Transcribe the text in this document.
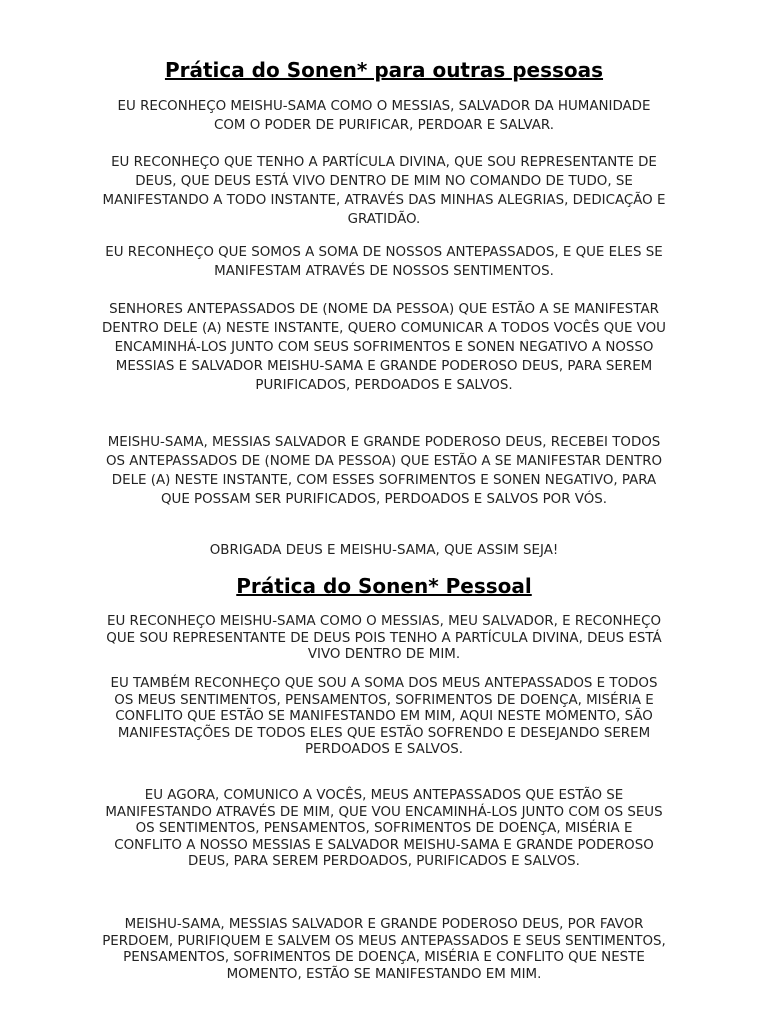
Prática do Sonen* para outras pessoas

EU RECONHEÇO MEISHU-SAMA COMO O MESSIAS, SALVADOR DA HUMANIDADE COM O PODER DE PURIFICAR, PERDOAR E SALVAR.

EU RECONHEÇO QUE TENHO A PARTÍCULA DIVINA, QUE SOU REPRESENTANTE DE DEUS, QUE DEUS ESTÁ VIVO DENTRO DE MIM NO COMANDO DE TUDO, SE MANIFESTANDO A TODO INSTANTE, ATRAVÉS DAS MINHAS ALEGRIAS, DEDICAÇÃO E GRATIDÃO.

EU RECONHEÇO QUE SOMOS A SOMA DE NOSSOS ANTEPASSADOS, E QUE ELES SE MANIFESTAM ATRAVÉS DE NOSSOS SENTIMENTOS.

SENHORES ANTEPASSADOS DE (NOME DA PESSOA) QUE ESTÃO A SE MANIFESTAR DENTRO DELE (A) NESTE INSTANTE, QUERO COMUNICAR A TODOS VOCÊS QUE VOU ENCAMINHÁ-LOS JUNTO COM SEUS SOFRIMENTOS E SONEN NEGATIVO A NOSSO MESSIAS E SALVADOR MEISHU-SAMA E GRANDE PODEROSO DEUS, PARA SEREM PURIFICADOS, PERDOADOS E SALVOS.

MEISHU-SAMA, MESSIAS SALVADOR E GRANDE PODEROSO DEUS, RECEBEI TODOS OS ANTEPASSADOS DE (NOME DA PESSOA) QUE ESTÃO A SE MANIFESTAR DENTRO DELE (A) NESTE INSTANTE, COM ESSES SOFRIMENTOS E SONEN NEGATIVO, PARA QUE POSSAM SER PURIFICADOS, PERDOADOS E SALVOS POR VÓS.

OBRIGADA DEUS E MEISHU-SAMA, QUE ASSIM SEJA!

Prática do Sonen* Pessoal

EU RECONHEÇO MEISHU-SAMA COMO O MESSIAS, MEU SALVADOR, E RECONHEÇO QUE SOU REPRESENTANTE DE DEUS POIS TENHO A PARTÍCULA DIVINA, DEUS ESTÁ VIVO DENTRO DE MIM.

EU TAMBÉM RECONHEÇO QUE SOU A SOMA DOS MEUS ANTEPASSADOS E TODOS OS MEUS SENTIMENTOS, PENSAMENTOS, SOFRIMENTOS DE DOENÇA, MISÉRIA E CONFLITO QUE ESTÃO SE MANIFESTANDO EM MIM, AQUI NESTE MOMENTO, SÃO MANIFESTAÇÕES DE TODOS ELES QUE ESTÃO SOFRENDO E DESEJANDO SEREM PERDOADOS E SALVOS.

EU AGORA, COMUNICO A VOCÊS, MEUS ANTEPASSADOS QUE ESTÃO SE MANIFESTANDO ATRAVÉS DE MIM, QUE VOU ENCAMINHÁ-LOS JUNTO COM OS SEUS OS SENTIMENTOS, PENSAMENTOS, SOFRIMENTOS DE DOENÇA, MISÉRIA E CONFLITO A NOSSO MESSIAS E SALVADOR MEISHU-SAMA E GRANDE PODEROSO DEUS, PARA SEREM PERDOADOS, PURIFICADOS E SALVOS.

MEISHU-SAMA, MESSIAS SALVADOR E GRANDE PODEROSO DEUS, POR FAVOR PERDOEM, PURIFIQUEM E SALVEM OS MEUS ANTEPASSADOS E SEUS SENTIMENTOS, PENSAMENTOS, SOFRIMENTOS DE DOENÇA, MISÉRIA E CONFLITO QUE NESTE MOMENTO, ESTÃO SE MANIFESTANDO EM MIM.
